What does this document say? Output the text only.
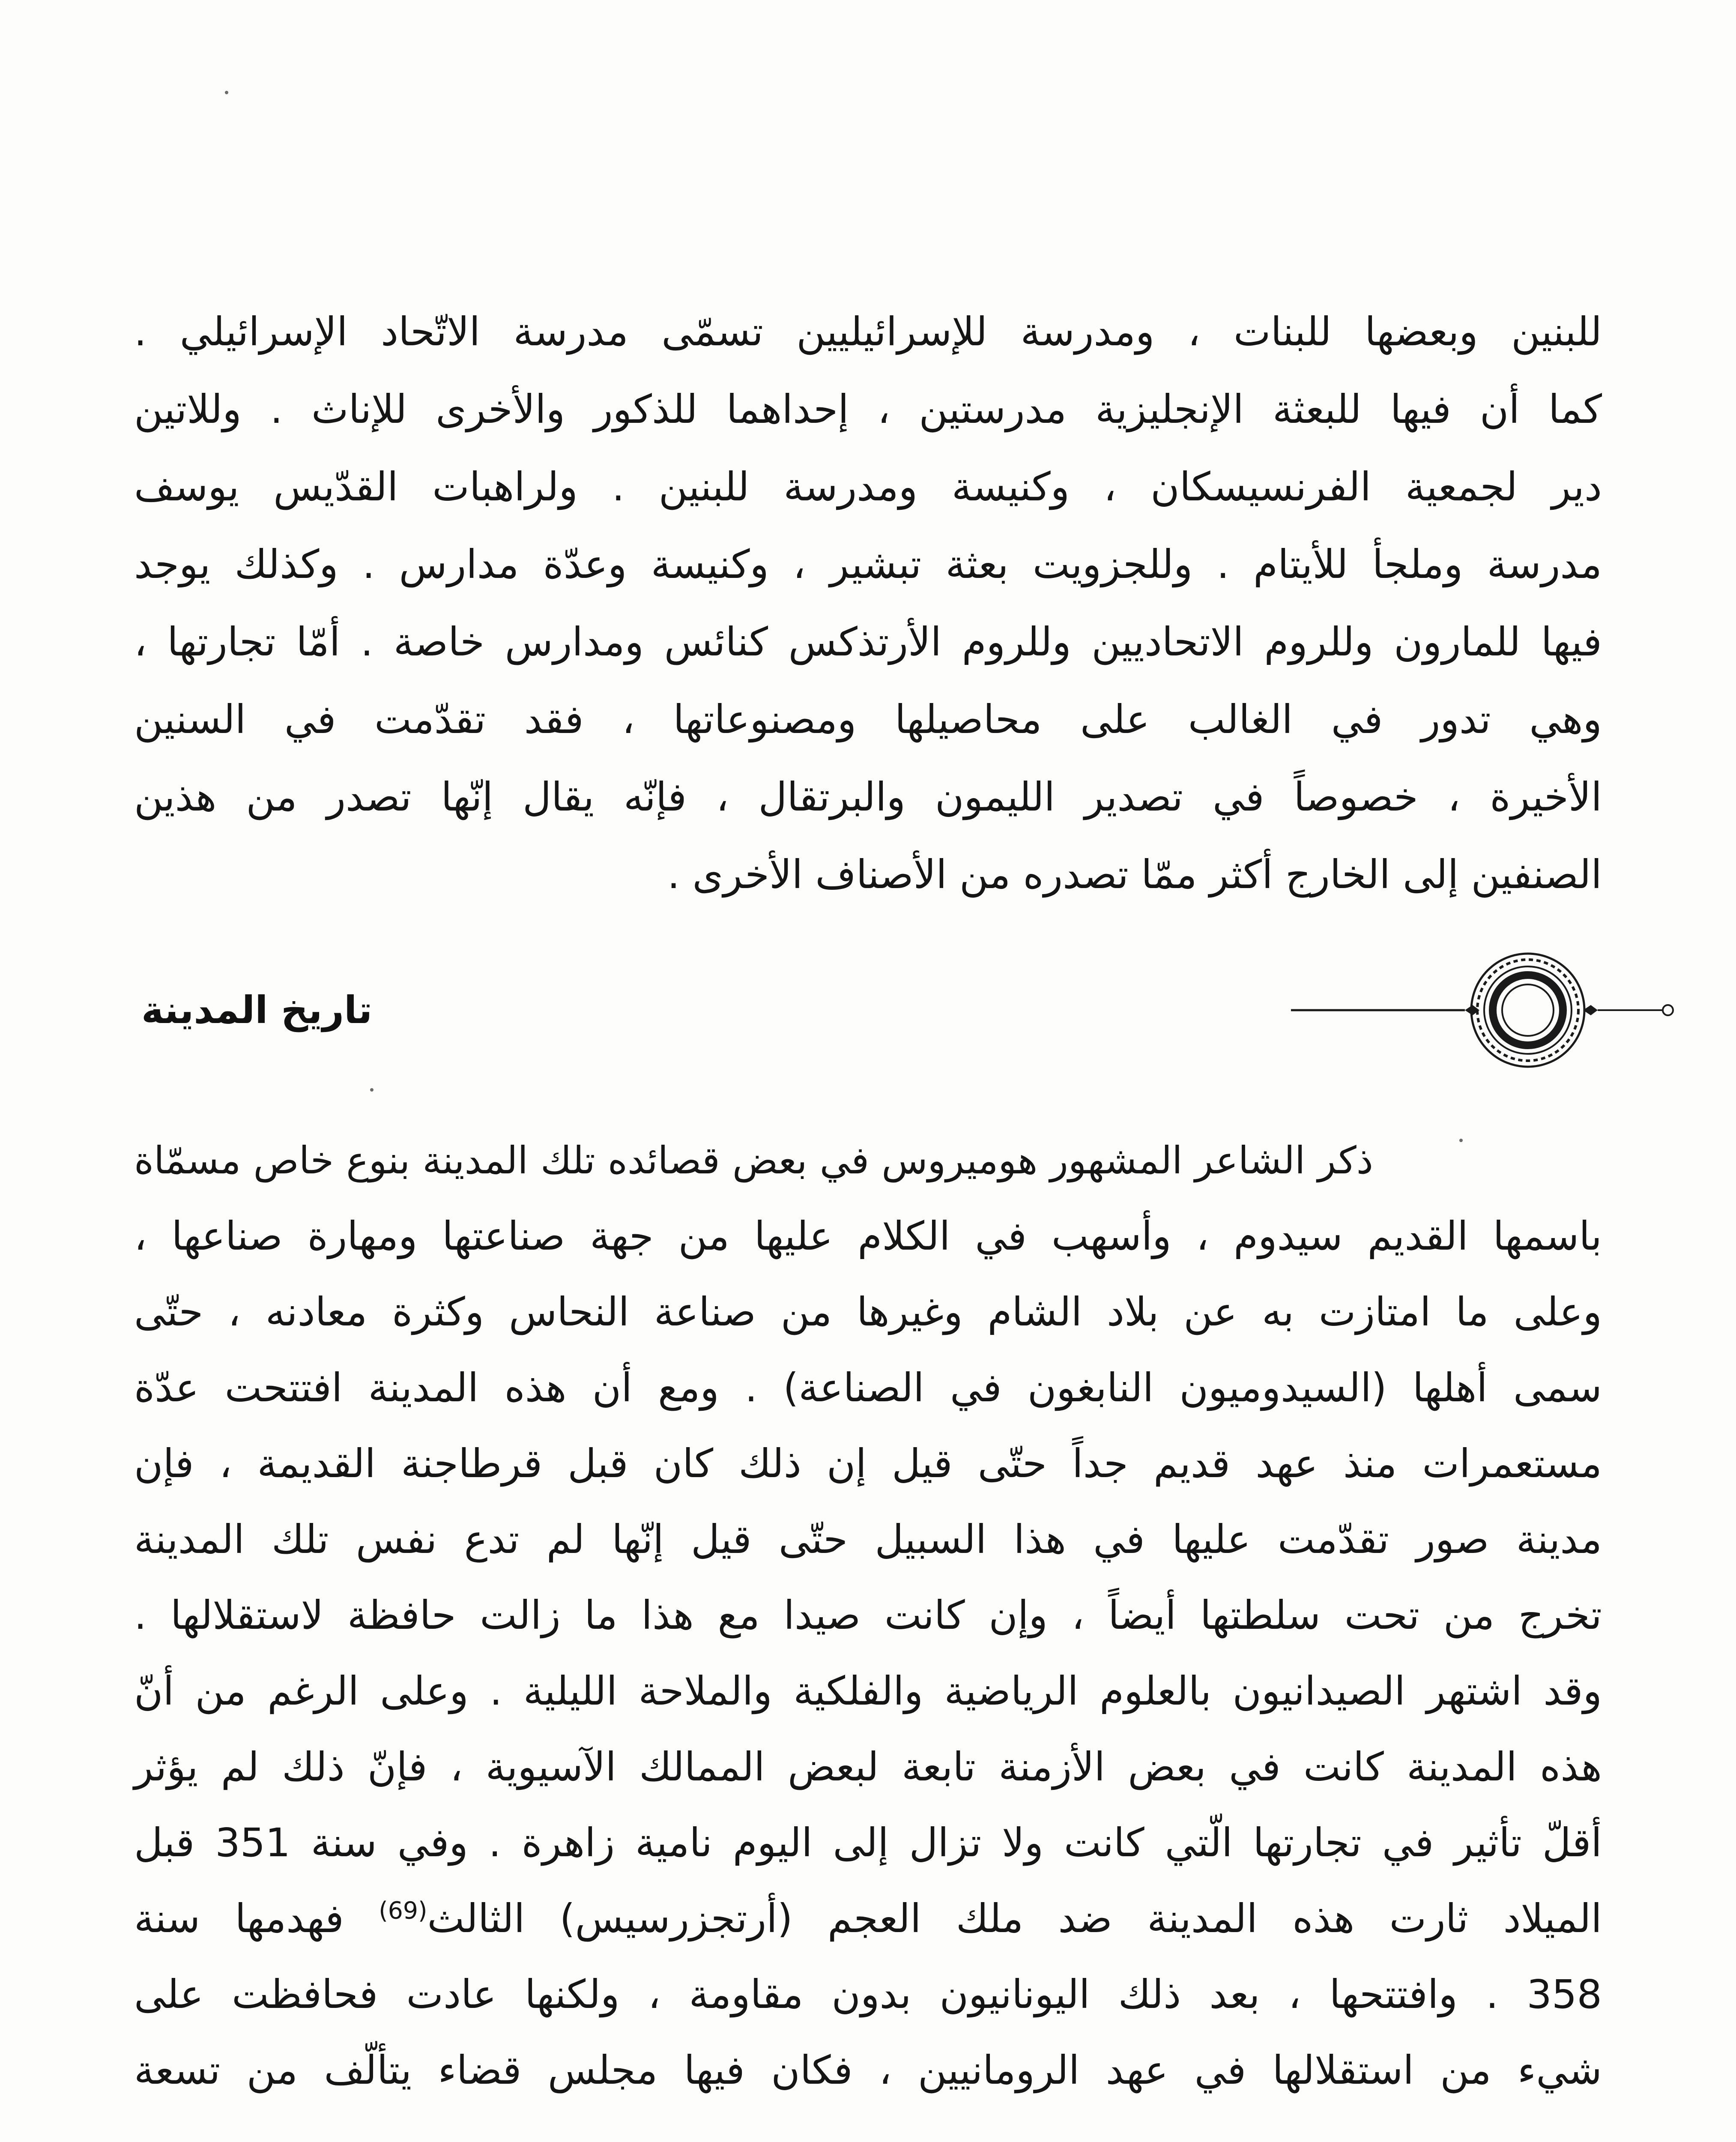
للبنين وبعضها للبنات ، ومدرسة للإسرائيليين تسمّى مدرسة الاتّحاد الإسرائيلي .
كما أن فيها للبعثة الإنجليزية مدرستين ، إحداهما للذكور والأخرى للإناث . وللاتين
دير لجمعية الفرنسيسكان ، وكنيسة ومدرسة للبنين . ولراهبات القدّيس يوسف
مدرسة وملجأ للأيتام . وللجزويت بعثة تبشير ، وكنيسة وعدّة مدارس . وكذلك يوجد
فيها للمارون وللروم الاتحاديين وللروم الأرتذكس كنائس ومدارس خاصة . أمّا تجارتها ،
وهي تدور في الغالب على محاصيلها ومصنوعاتها ، فقد تقدّمت في السنين
الأخيرة ، خصوصاً في تصدير الليمون والبرتقال ، فإنّه يقال إنّها تصدر من هذين
الصنفين إلى الخارج أكثر ممّا تصدره من الأصناف الأخرى .
تاريخ المدينة
ذكر الشاعر المشهور هوميروس في بعض قصائده تلك المدينة بنوع خاص مسمّاة
باسمها القديم سيدوم ، وأسهب في الكلام عليها من جهة صناعتها ومهارة صناعها ،
وعلى ما امتازت به عن بلاد الشام وغيرها من صناعة النحاس وكثرة معادنه ، حتّى
سمى أهلها (السيدوميون النابغون في الصناعة) . ومع أن هذه المدينة افتتحت عدّة
مستعمرات منذ عهد قديم جداً حتّى قيل إن ذلك كان قبل قرطاجنة القديمة ، فإن
مدينة صور تقدّمت عليها في هذا السبيل حتّى قيل إنّها لم تدع نفس تلك المدينة
تخرج من تحت سلطتها أيضاً ، وإن كانت صيدا مع هذا ما زالت حافظة لاستقلالها .
وقد اشتهر الصيدانيون بالعلوم الرياضية والفلكية والملاحة الليلية . وعلى الرغم من أنّ
هذه المدينة كانت في بعض الأزمنة تابعة لبعض الممالك الآسيوية ، فإنّ ذلك لم يؤثر
أقلّ تأثير في تجارتها الّتي كانت ولا تزال إلى اليوم نامية زاهرة . وفي سنة 351 قبل
الميلاد ثارت هذه المدينة ضد ملك العجم (أرتجزرسيس) الثالث$^{(69)}$ فهدمها سنة
358 . وافتتحها ، بعد ذلك اليونانيون بدون مقاومة ، ولكنها عادت فحافظت على
شيء من استقلالها في عهد الرومانيين ، فكان فيها مجلس قضاء يتألّف من تسعة
